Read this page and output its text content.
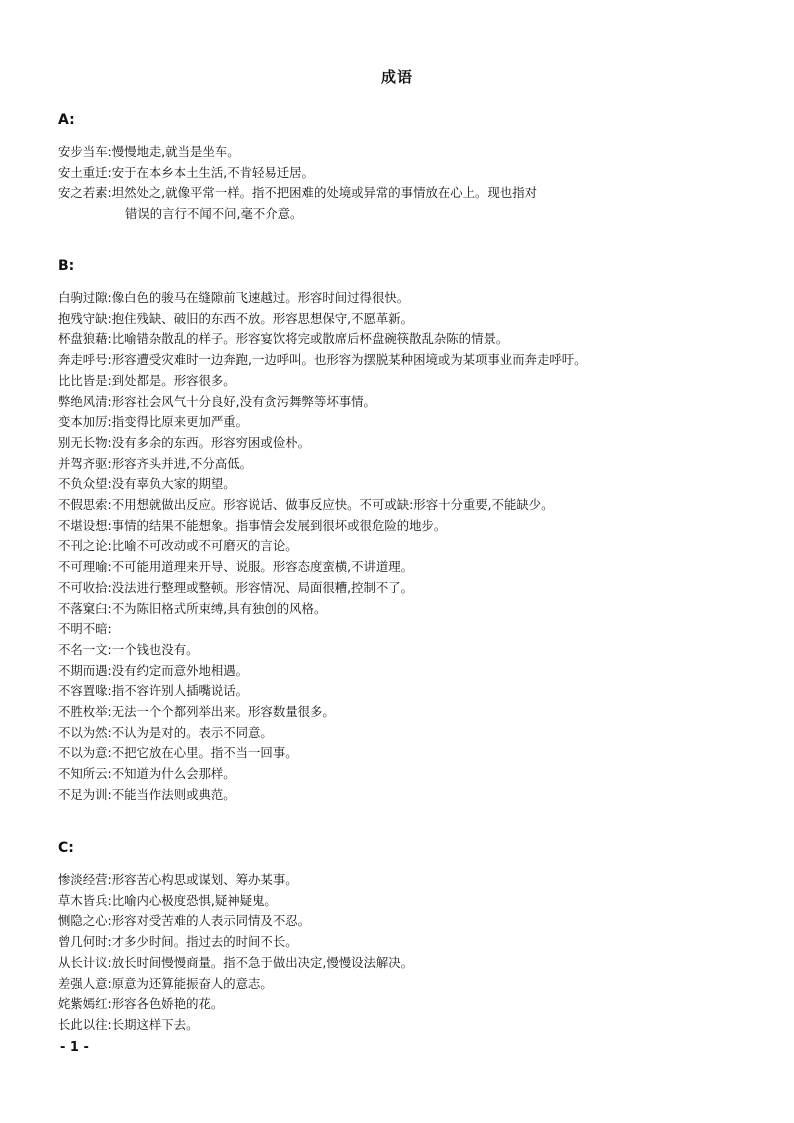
成语
A:
安步当车: 慢慢地走,就当是坐车。
安土重迁: 安于在本乡本土生活,不肯轻易迁居。
安之若素: 坦然处之,就像平常一样。指不把困难的处境或异常的事情放在心上。现也指对
错误的言行不闻不问,毫不介意。
B:
白驹过隙: 像白色的骏马在缝隙前飞速越过。形容时间过得很快。
抱残守缺: 抱住残缺、破旧的东西不放。形容思想保守,不愿革新。
杯盘狼藉: 比喻错杂散乱的样子。形容宴饮将完或散席后杯盘碗筷散乱杂陈的情景。
奔走呼号: 形容遭受灾难时一边奔跑,一边呼叫。也形容为摆脱某种困境或为某项事业而奔走呼吁。
比比皆是: 到处都是。形容很多。
弊绝风清: 形容社会风气十分良好,没有贪污舞弊等坏事情。
变本加厉: 指变得比原来更加严重。
别无长物: 没有多余的东西。形容穷困或俭朴。
并驾齐驱: 形容齐头并进,不分高低。
不负众望: 没有辜负大家的期望。
不假思索: 不用想就做出反应。形容说话、做事反应快。不可或缺:形容十分重要,不能缺少。
不堪设想: 事情的结果不能想象。指事情会发展到很坏或很危险的地步。
不刊之论: 比喻不可改动或不可磨灭的言论。
不可理喻: 不可能用道理来开导、说服。形容态度蛮横,不讲道理。
不可收拾: 没法进行整理或整顿。形容情况、局面很糟,控制不了。
不落窠臼: 不为陈旧格式所束缚,具有独创的风格。
不明不暗:
不名一文: 一个钱也没有。
不期而遇: 没有约定而意外地相遇。
不容置喙: 指不容许别人插嘴说话。
不胜枚举: 无法一个个都列举出来。形容数量很多。
不以为然: 不认为是对的。表示不同意。
不以为意: 不把它放在心里。指不当一回事。
不知所云: 不知道为什么会那样。
不足为训: 不能当作法则或典范。
C:
惨淡经营: 形容苦心构思或谋划、筹办某事。
草木皆兵: 比喻内心极度恐惧,疑神疑鬼。
恻隐之心: 形容对受苦难的人表示同情及不忍。
曾几何时: 才多少时间。指过去的时间不长。
从长计议: 放长时间慢慢商量。指不急于做出决定,慢慢设法解决。
差强人意: 原意为还算能振奋人的意志。
姹紫嫣红: 形容各色娇艳的花。
长此以往: 长期这样下去。
- 1 -
